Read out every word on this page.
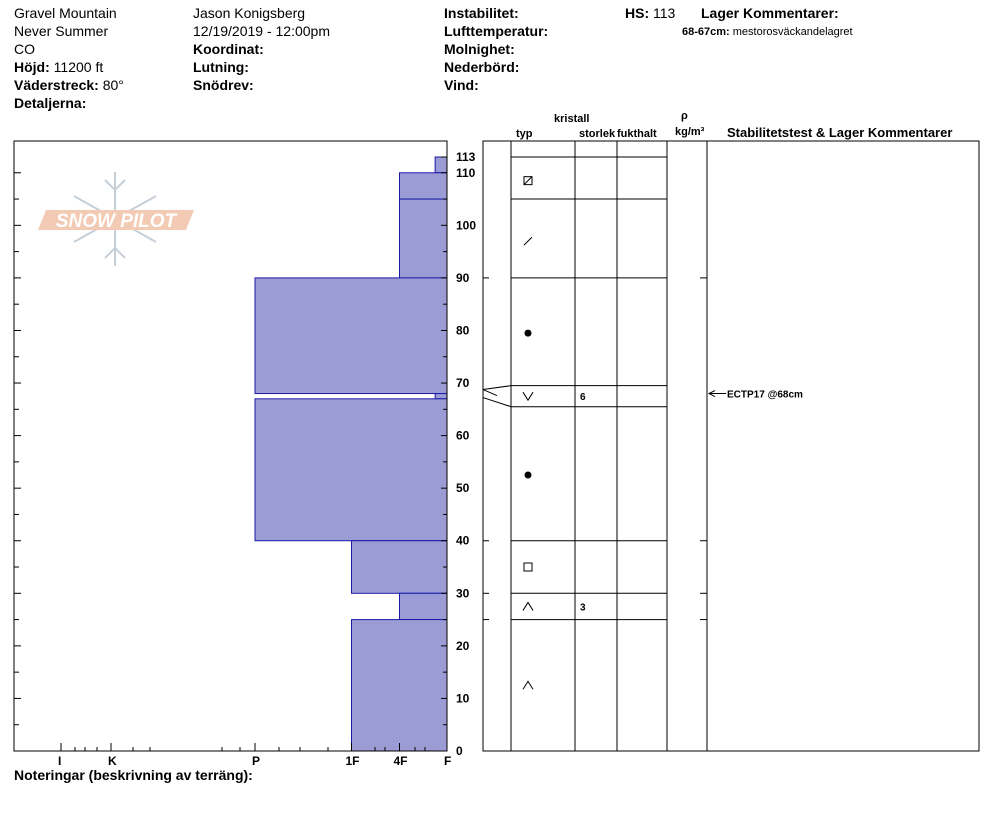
Gravel Mountain
Never Summer
CO
Höjd: 11200 ft
Väderstreck: 80°
Detaljerna:
Jason Konigsberg
12/19/2019 - 12:00pm
Koordinat:
Lutning:
Snödrev:
Instabilitet:
Lufttemperatur:
Molnighet:
Nederbörd:
Vind:
HS: 113 Lager Kommentarer:
68-67cm: mestorosväckandelagret
kristall
typ	storlek fukthalt
ρ
kg/m³ Stabilitetstest & Lager Kommentarer
Noteringar (beskrivning av terräng):
SNOW PILOT
0
10
20
30
40
50
60
70
80
90
100
110
113
I	K	P	1F	4F	F
6
3
ECTP17 @68cm
